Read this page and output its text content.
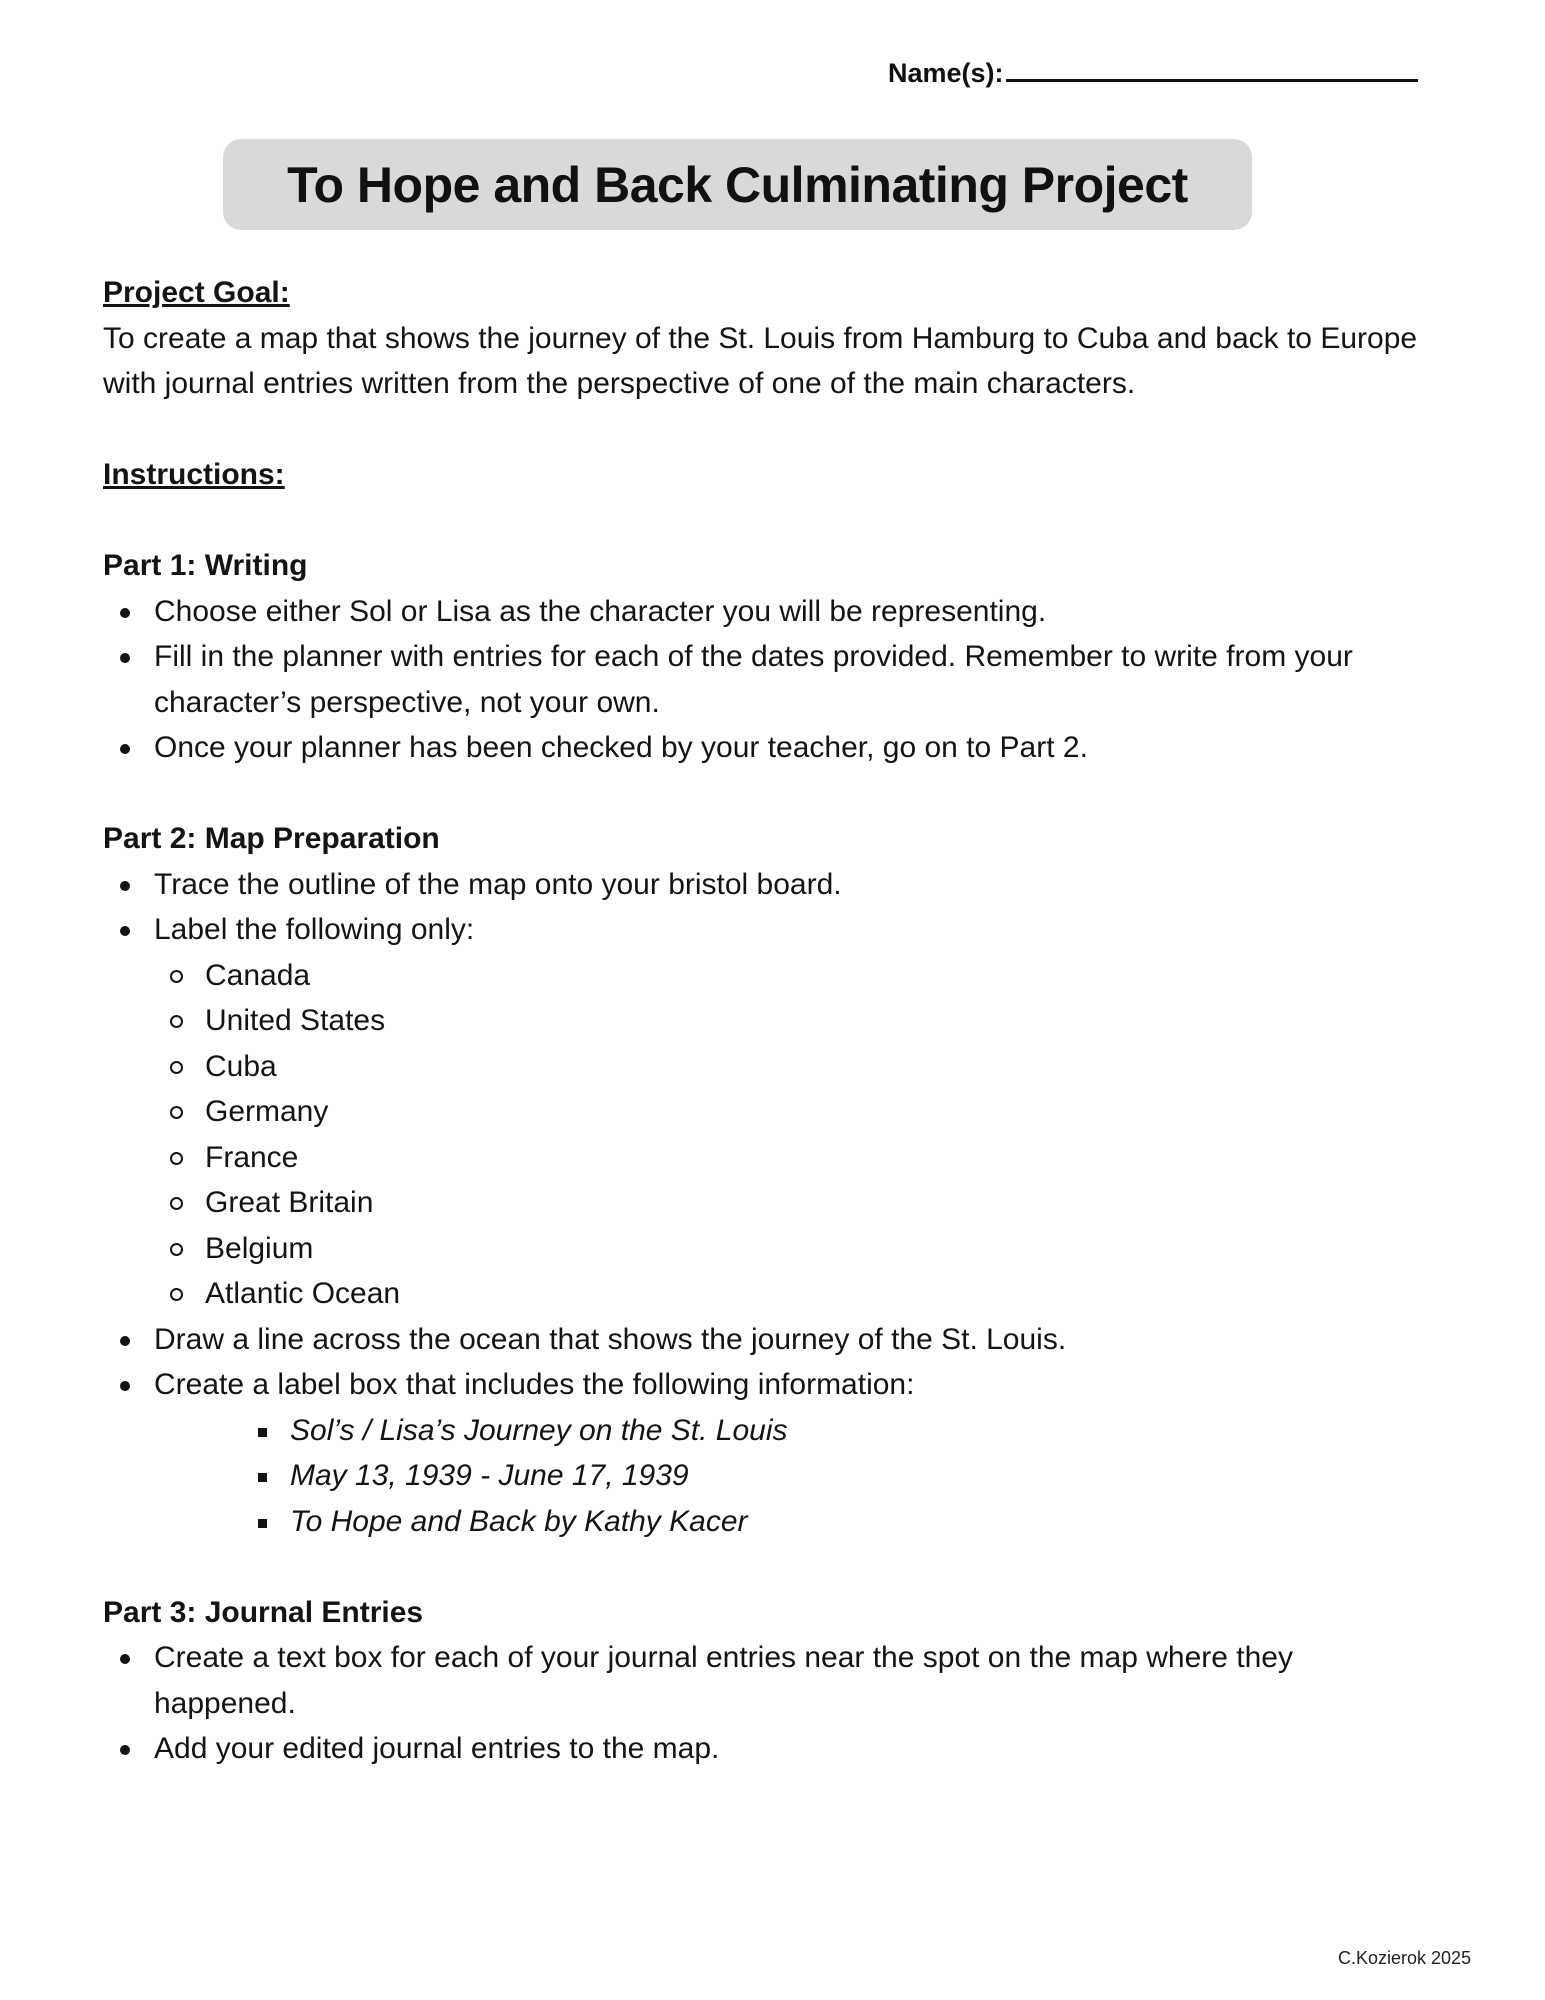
Name(s):
To Hope and Back Culminating Project

Project Goal:

To create a map that shows the journey of the St. Louis from Hamburg to Cuba and back to Europe with journal entries written from the perspective of one of the main characters.

Instructions:

Part 1: Writing

Choose either Sol or Lisa as the character you will be representing.
Fill in the planner with entries for each of the dates provided. Remember to write from your character’s perspective, not your own.
Once your planner has been checked by your teacher, go on to Part 2.

Part 2: Map Preparation

Trace the outline of the map onto your bristol board.
Label the following only:
Canada
United States
Cuba
Germany
France
Great Britain
Belgium
Atlantic Ocean
Draw a line across the ocean that shows the journey of the St. Louis.
Create a label box that includes the following information:
Sol’s / Lisa’s Journey on the St. Louis
May 13, 1939 - June 17, 1939
To Hope and Back by Kathy Kacer

Part 3: Journal Entries

Create a text box for each of your journal entries near the spot on the map where they happened.
Add your edited journal entries to the map.
C.Kozierok 2025
